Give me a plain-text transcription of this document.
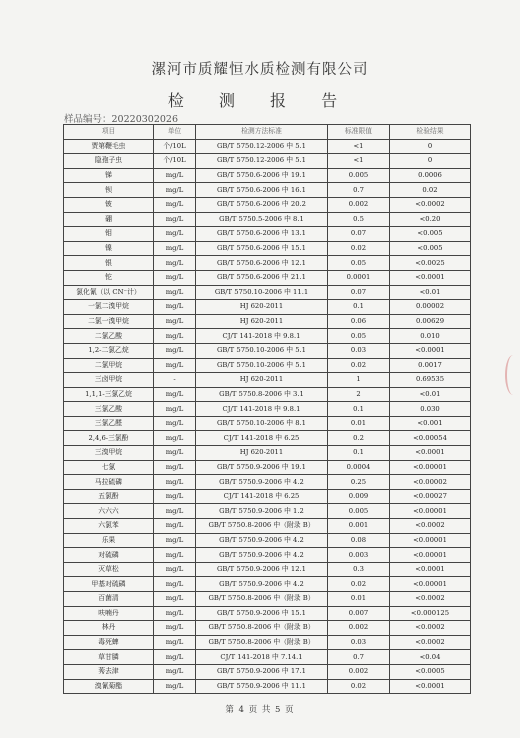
漯河市质耀恒水质检测有限公司
检 测 报 告
样品编号：20220302026
项目	单位	检测方法标准	标准限值	检验结果
贾第鞭毛虫	个/10L	GB/T 5750.12-2006 中 5.1	<1	0
隐孢子虫	个/10L	GB/T 5750.12-2006 中 5.1	<1	0
锑	mg/L	GB/T 5750.6-2006 中 19.1	0.005	0.0006
钡	mg/L	GB/T 5750.6-2006 中 16.1	0.7	0.02
铍	mg/L	GB/T 5750.6-2006 中 20.2	0.002	<0.0002
硼	mg/L	GB/T 5750.5-2006 中 8.1	0.5	<0.20
钼	mg/L	GB/T 5750.6-2006 中 13.1	0.07	<0.005
镍	mg/L	GB/T 5750.6-2006 中 15.1	0.02	<0.005
银	mg/L	GB/T 5750.6-2006 中 12.1	0.05	<0.0025
铊	mg/L	GB/T 5750.6-2006 中 21.1	0.0001	<0.0001
氯化氰（以 CN⁻计）	mg/L	GB/T 5750.10-2006 中 11.1	0.07	<0.01
一氯二溴甲烷	mg/L	HJ 620-2011	0.1	0.00002
二氯一溴甲烷	mg/L	HJ 620-2011	0.06	0.00629
二氯乙酸	mg/L	CJ/T 141-2018 中 9.8.1	0.05	0.010
1,2-二氯乙烷	mg/L	GB/T 5750.10-2006 中 5.1	0.03	<0.0001
二氯甲烷	mg/L	GB/T 5750.10-2006 中 5.1	0.02	0.0017
三卤甲烷	-	HJ 620-2011	1	0.69535
1,1,1-三氯乙烷	mg/L	GB/T 5750.8-2006 中 3.1	2	<0.01
三氯乙酸	mg/L	CJ/T 141-2018 中 9.8.1	0.1	0.030
三氯乙醛	mg/L	GB/T 5750.10-2006 中 8.1	0.01	<0.001
2,4,6-三氯酚	mg/L	CJ/T 141-2018 中 6.25	0.2	<0.00054
三溴甲烷	mg/L	HJ 620-2011	0.1	<0.0001
七氯	mg/L	GB/T 5750.9-2006 中 19.1	0.0004	<0.00001
马拉硫磷	mg/L	GB/T 5750.9-2006 中 4.2	0.25	<0.00002
五氯酚	mg/L	CJ/T 141-2018 中 6.25	0.009	<0.00027
六六六	mg/L	GB/T 5750.9-2006 中 1.2	0.005	<0.00001
六氯苯	mg/L	GB/T 5750.8-2006 中（附录 B）	0.001	<0.0002
乐果	mg/L	GB/T 5750.9-2006 中 4.2	0.08	<0.00001
对硫磷	mg/L	GB/T 5750.9-2006 中 4.2	0.003	<0.00001
灭草松	mg/L	GB/T 5750.9-2006 中 12.1	0.3	<0.0001
甲基对硫磷	mg/L	GB/T 5750.9-2006 中 4.2	0.02	<0.00001
百菌清	mg/L	GB/T 5750.8-2006 中（附录 B）	0.01	<0.0002
呋喃丹	mg/L	GB/T 5750.9-2006 中 15.1	0.007	<0.000125
林丹	mg/L	GB/T 5750.8-2006 中（附录 B）	0.002	<0.0002
毒死蜱	mg/L	GB/T 5750.8-2006 中（附录 B）	0.03	<0.0002
草甘膦	mg/L	CJ/T 141-2018 中 7.14.1	0.7	<0.04
莠去津	mg/L	GB/T 5750.9-2006 中 17.1	0.002	<0.0005
溴氰菊酯	mg/L	GB/T 5750.9-2006 中 11.1	0.02	<0.0001
第 4 页 共 5 页
